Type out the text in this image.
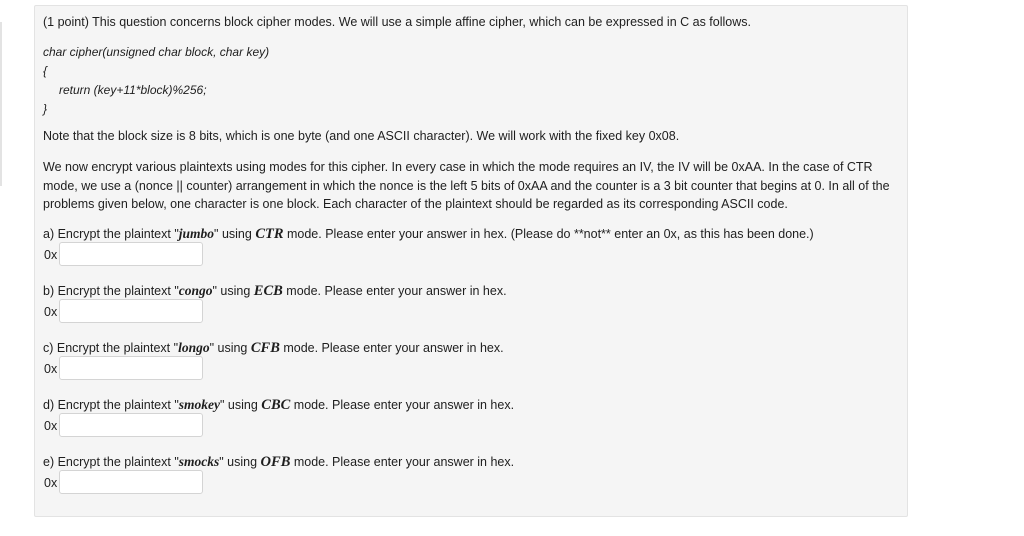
(1 point) This question concerns block cipher modes. We will use a simple affine cipher, which can be expressed in C as follows.
char cipher(unsigned char block, char key)
{
return (key+11*block)%256;
}
Note that the block size is 8 bits, which is one byte (and one ASCII character). We will work with the fixed key 0x08.
We now encrypt various plaintexts using modes for this cipher. In every case in which the mode requires an IV, the IV will be 0xAA. In the case of CTR mode, we use a (nonce || counter) arrangement in which the nonce is the left 5 bits of 0xAA and the counter is a 3 bit counter that begins at 0. In all of the problems given below, one character is one block. Each character of the plaintext should be regarded as its corresponding ASCII code.
a) Encrypt the plaintext "jumbo" using CTR mode. Please enter your answer in hex. (Please do **not** enter an 0x, as this has been done.)
0x
b) Encrypt the plaintext "congo" using ECB mode. Please enter your answer in hex.
0x
c) Encrypt the plaintext "longo" using CFB mode. Please enter your answer in hex.
0x
d) Encrypt the plaintext "smokey" using CBC mode. Please enter your answer in hex.
0x
e) Encrypt the plaintext "smocks" using OFB mode. Please enter your answer in hex.
0x
